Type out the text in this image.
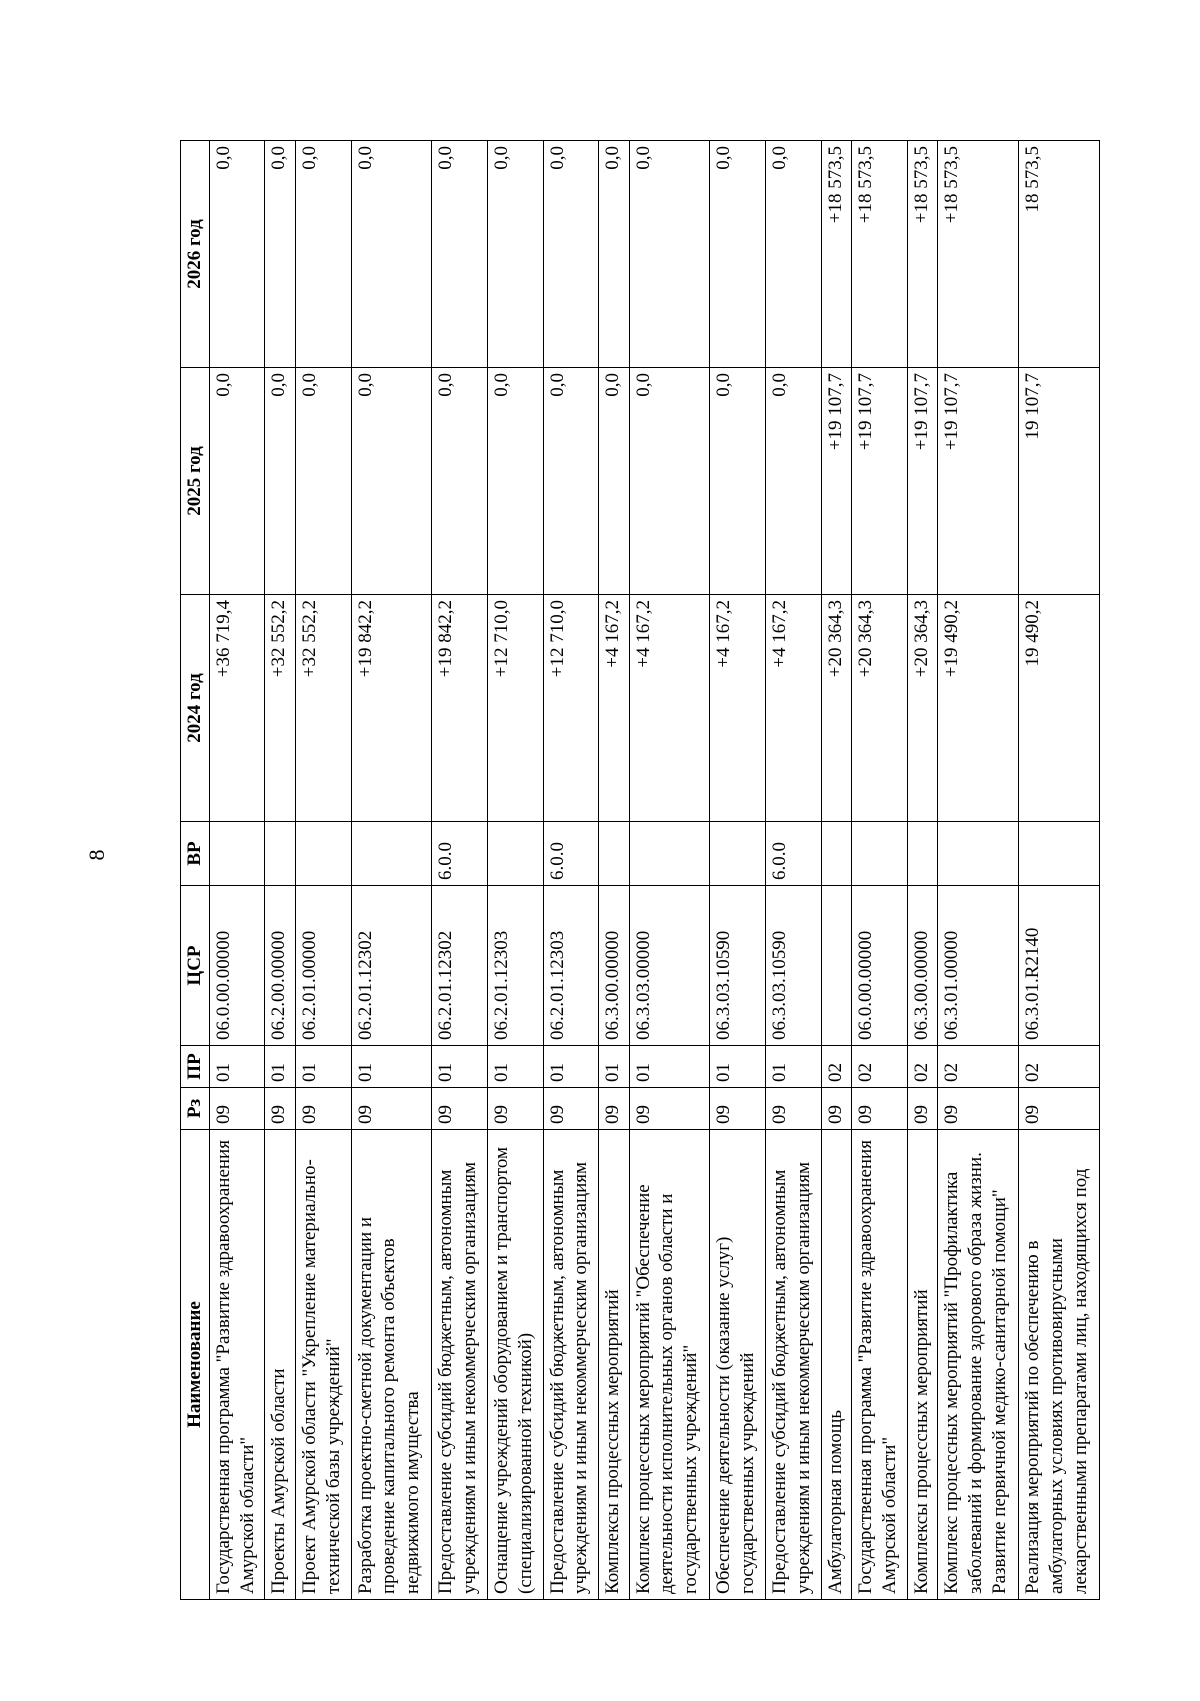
8
Наименование	Рз	ПР	ЦСР	ВР	2024 год	2025 год	2026 год
Государственная программа "Развитие здравоохранения Амурской области"	09	01	06.0.00.00000		+36 719,4	0,0	0,0
Проекты Амурской области	09	01	06.2.00.00000		+32 552,2	0,0	0,0
Проект Амурской области "Укрепление материально-технической базы учреждений"	09	01	06.2.01.00000		+32 552,2	0,0	0,0
Разработка проектно-сметной документации и проведение капитального ремонта объектов недвижимого имущества	09	01	06.2.01.12302		+19 842,2	0,0	0,0
Предоставление субсидий бюджетным, автономным учреждениям и иным некоммерческим организациям	09	01	06.2.01.12302	6.0.0	+19 842,2	0,0	0,0
Оснащение учреждений оборудованием и транспортом (специализированной техникой)	09	01	06.2.01.12303		+12 710,0	0,0	0,0
Предоставление субсидий бюджетным, автономным учреждениям и иным некоммерческим организациям	09	01	06.2.01.12303	6.0.0	+12 710,0	0,0	0,0
Комплексы процессных мероприятий	09	01	06.3.00.00000		+4 167,2	0,0	0,0
Комплекс процессных мероприятий "Обеспечение деятельности исполнительных органов области и государственных учреждений"	09	01	06.3.03.00000		+4 167,2	0,0	0,0
Обеспечение деятельности (оказание услуг) государственных учреждений	09	01	06.3.03.10590		+4 167,2	0,0	0,0
Предоставление субсидий бюджетным, автономным учреждениям и иным некоммерческим организациям	09	01	06.3.03.10590	6.0.0	+4 167,2	0,0	0,0
Амбулаторная помощь	09	02			+20 364,3	+19 107,7	+18 573,5
Государственная программа "Развитие здравоохранения Амурской области"	09	02	06.0.00.00000		+20 364,3	+19 107,7	+18 573,5
Комплексы процессных мероприятий	09	02	06.3.00.00000		+20 364,3	+19 107,7	+18 573,5
Комплекс процессных мероприятий "Профилактика заболеваний и формирование здорового образа жизни. Развитие первичной медико-санитарной помощи"	09	02	06.3.01.00000		+19 490,2	+19 107,7	+18 573,5
Реализация мероприятий по обеспечению в амбулаторных условиях противовирусными лекарственными препаратами лиц, находящихся под	09	02	06.3.01.R2140		19 490,2	19 107,7	18 573,5
